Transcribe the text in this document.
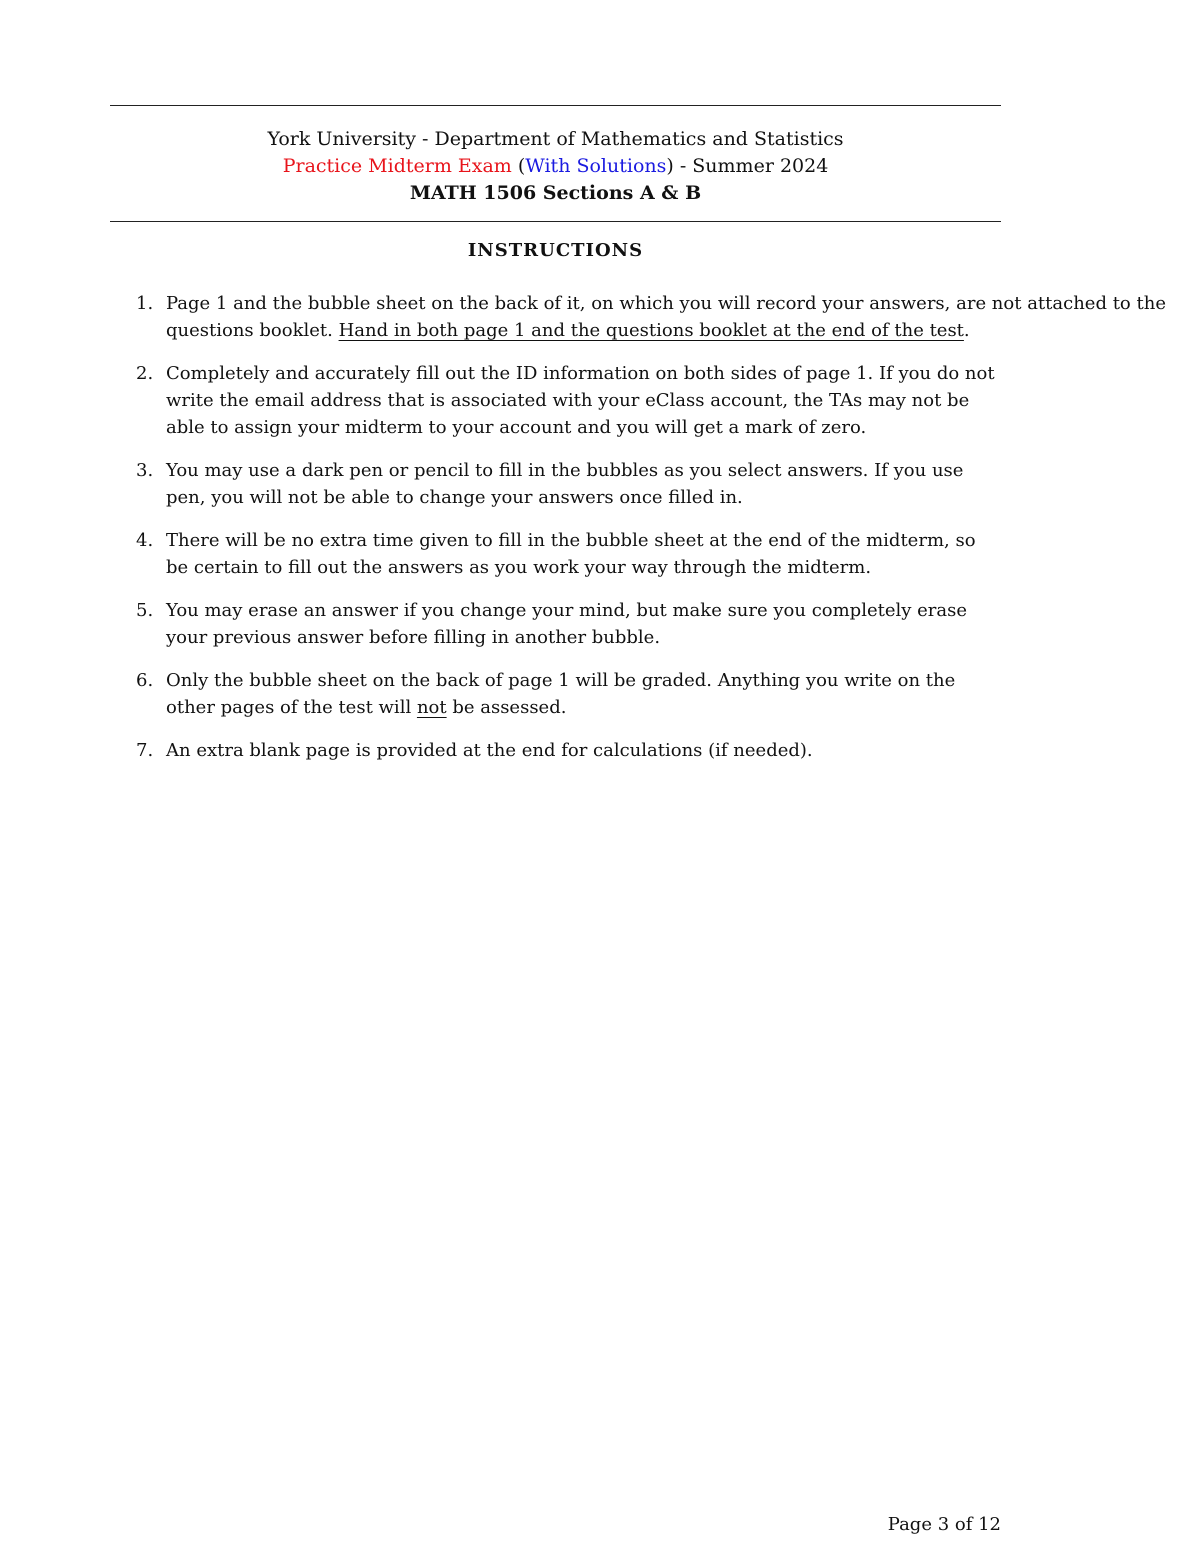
York University - Department of Mathematics and Statistics
Practice Midterm Exam (With Solutions) - Summer 2024
MATH 1506 Sections A & B
INSTRUCTIONS
1. Page 1 and the bubble sheet on the back of it, on which you will record your answers, are not attached to the questions booklet. Hand in both page 1 and the questions booklet at the end of the test.
2. Completely and accurately fill out the ID information on both sides of page 1. If you do not write the email address that is associated with your eClass account, the TAs may not be able to assign your midterm to your account and you will get a mark of zero.
3. You may use a dark pen or pencil to fill in the bubbles as you select answers. If you use pen, you will not be able to change your answers once filled in.
4. There will be no extra time given to fill in the bubble sheet at the end of the midterm, so be certain to fill out the answers as you work your way through the midterm.
5. You may erase an answer if you change your mind, but make sure you completely erase your previous answer before filling in another bubble.
6. Only the bubble sheet on the back of page 1 will be graded. Anything you write on the other pages of the test will not be assessed.
7. An extra blank page is provided at the end for calculations (if needed).
Page 3 of 12
